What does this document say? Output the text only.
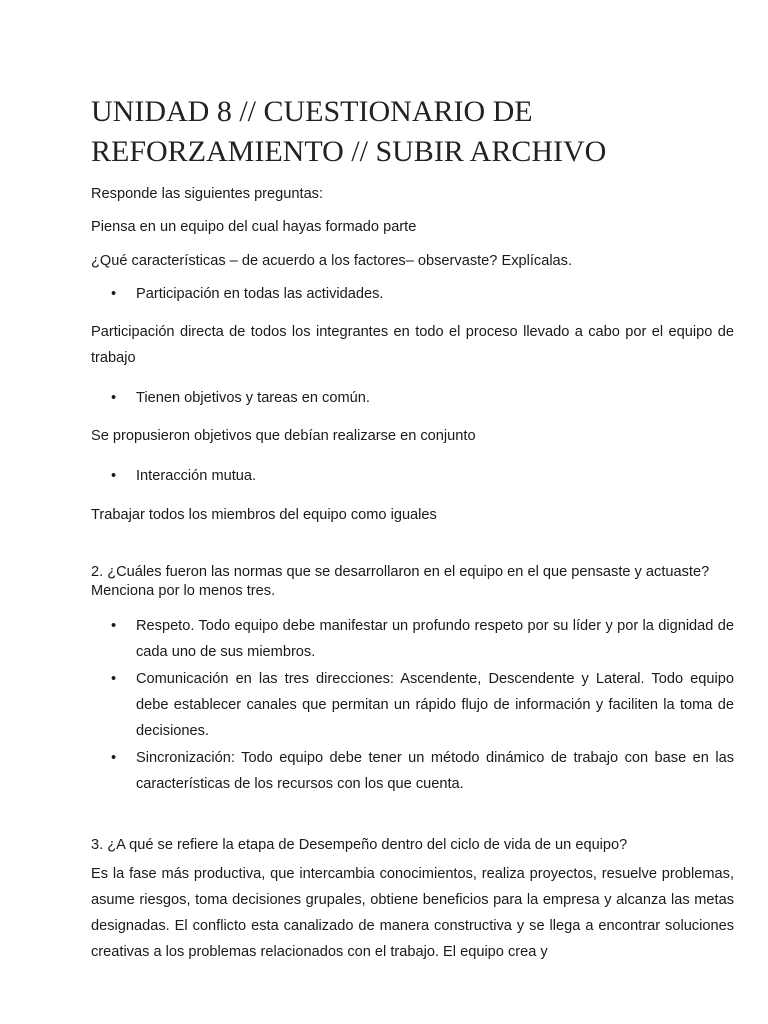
UNIDAD 8 // CUESTIONARIO DE REFORZAMIENTO // SUBIR ARCHIVO

Responde las siguientes preguntas:

Piensa en un equipo del cual hayas formado parte

¿Qué características – de acuerdo a los factores– observaste? Explícalas.

• Participación en todas las actividades.

Participación directa de todos los integrantes en todo el proceso llevado a cabo por el equipo de trabajo

• Tienen objetivos y tareas en común.

Se propusieron objetivos que debían realizarse en conjunto

• Interacción mutua.

Trabajar todos los miembros del equipo como iguales

2. ¿Cuáles fueron las normas que se desarrollaron en el equipo en el que pensaste y actuaste? Menciona por lo menos tres.

• Respeto. Todo equipo debe manifestar un profundo respeto por su líder y por la dignidad de cada uno de sus miembros.
• Comunicación en las tres direcciones: Ascendente, Descendente y Lateral. Todo equipo debe establecer canales que permitan un rápido flujo de información y faciliten la toma de decisiones.
• Sincronización: Todo equipo debe tener un método dinámico de trabajo con base en las características de los recursos con los que cuenta.

3. ¿A qué se refiere la etapa de Desempeño dentro del ciclo de vida de un equipo?

Es la fase más productiva, que intercambia conocimientos, realiza proyectos, resuelve problemas, asume riesgos, toma decisiones grupales, obtiene beneficios para la empresa y alcanza las metas designadas. El conflicto esta canalizado de manera constructiva y se llega a encontrar soluciones creativas a los problemas relacionados con el trabajo. El equipo crea y
